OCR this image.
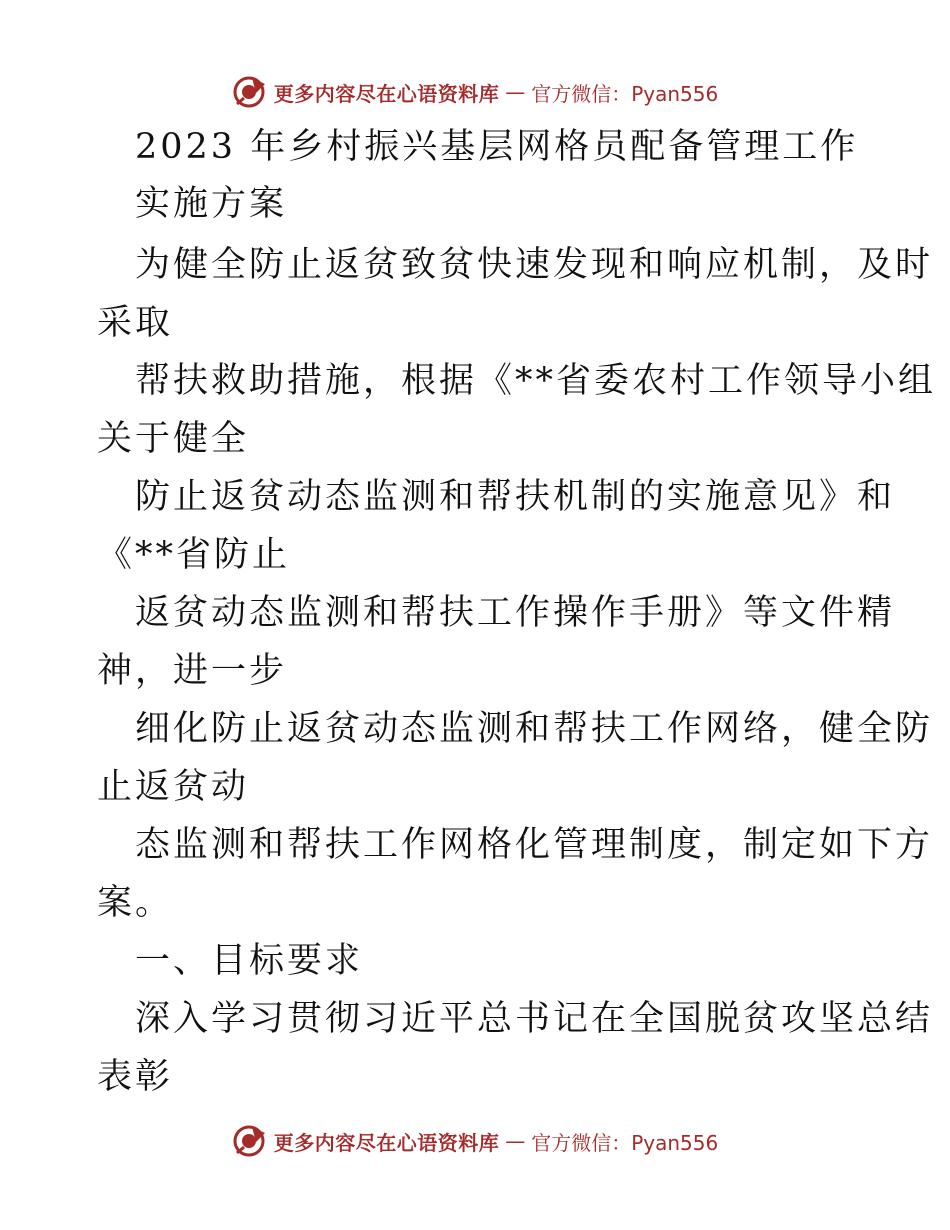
更多内容尽在心语资料库 — 官方微信：Pyan556
2023 年乡村振兴基层网格员配备管理工作
实施方案
为健全防止返贫致贫快速发现和响应机制，及时
采取
帮扶救助措施，根据《**省委农村工作领导小组
关于健全
防止返贫动态监测和帮扶机制的实施意见》和
《**省防止
返贫动态监测和帮扶工作操作手册》等文件精
神，进一步
细化防止返贫动态监测和帮扶工作网络，健全防
止返贫动
态监测和帮扶工作网格化管理制度，制定如下方
案。
一、目标要求
深入学习贯彻习近平总书记在全国脱贫攻坚总结
表彰
更多内容尽在心语资料库 — 官方微信：Pyan556
